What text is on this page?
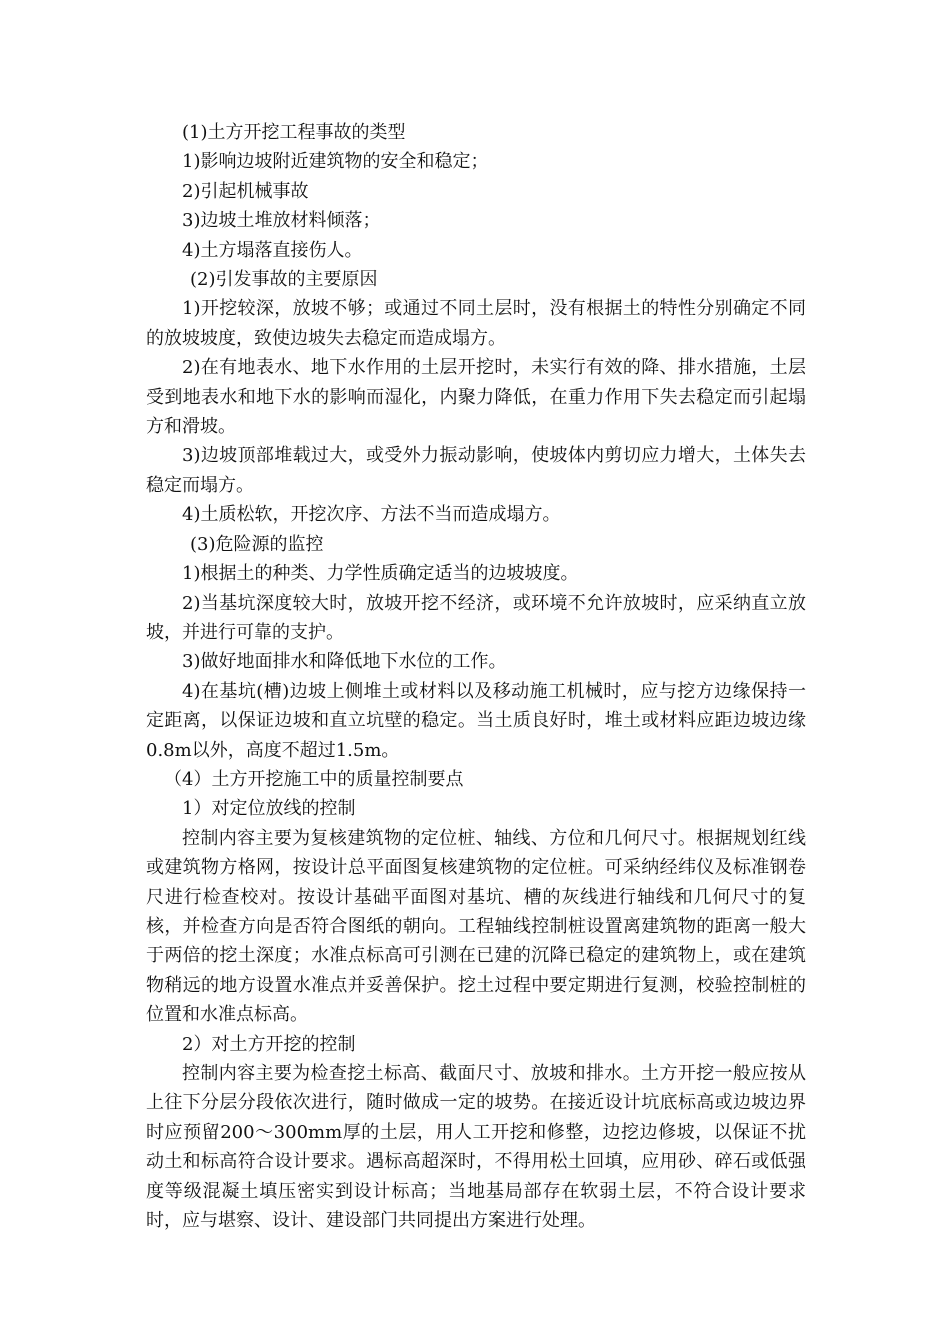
(1)土方开挖工程事故的类型

1)影响边坡附近建筑物的安全和稳定；

2)引起机械事故

3)边坡土堆放材料倾落；

4)土方塌落直接伤人。

(2)引发事故的主要原因

1)开挖较深，放坡不够；或通过不同土层时，没有根据土的特性分别确定不同的放坡坡度，致使边坡失去稳定而造成塌方。

2)在有地表水、地下水作用的土层开挖时，未实行有效的降、排水措施，土层受到地表水和地下水的影响而湿化，内聚力降低，在重力作用下失去稳定而引起塌方和滑坡。

3)边坡顶部堆载过大，或受外力振动影响，使坡体内剪切应力增大，土体失去稳定而塌方。

4)土质松软，开挖次序、方法不当而造成塌方。

(3)危险源的监控

1)根据土的种类、力学性质确定适当的边坡坡度。

2)当基坑深度较大时，放坡开挖不经济，或环境不允许放坡时，应采纳直立放坡，并进行可靠的支护。

3)做好地面排水和降低地下水位的工作。

4)在基坑(槽)边坡上侧堆土或材料以及移动施工机械时，应与挖方边缘保持一定距离，以保证边坡和直立坑壁的稳定。当土质良好时，堆土或材料应距边坡边缘0.8m以外，高度不超过1.5m。

（4）土方开挖施工中的质量控制要点

1）对定位放线的控制

控制内容主要为复核建筑物的定位桩、轴线、方位和几何尺寸。根据规划红线或建筑物方格网，按设计总平面图复核建筑物的定位桩。可采纳经纬仪及标准钢卷尺进行检查校对。按设计基础平面图对基坑、槽的灰线进行轴线和几何尺寸的复核，并检查方向是否符合图纸的朝向。工程轴线控制桩设置离建筑物的距离一般大于两倍的挖土深度；水准点标高可引测在已建的沉降已稳定的建筑物上，或在建筑物稍远的地方设置水准点并妥善保护。挖土过程中要定期进行复测，校验控制桩的位置和水准点标高。

2）对土方开挖的控制

控制内容主要为检查挖土标高、截面尺寸、放坡和排水。土方开挖一般应按从上往下分层分段依次进行，随时做成一定的坡势。在接近设计坑底标高或边坡边界时应预留200～300mm厚的土层，用人工开挖和修整，边挖边修坡，以保证不扰动土和标高符合设计要求。遇标高超深时，不得用松土回填，应用砂、碎石或低强度等级混凝土填压密实到设计标高；当地基局部存在软弱土层，不符合设计要求时，应与堪察、设计、建设部门共同提出方案进行处理。
